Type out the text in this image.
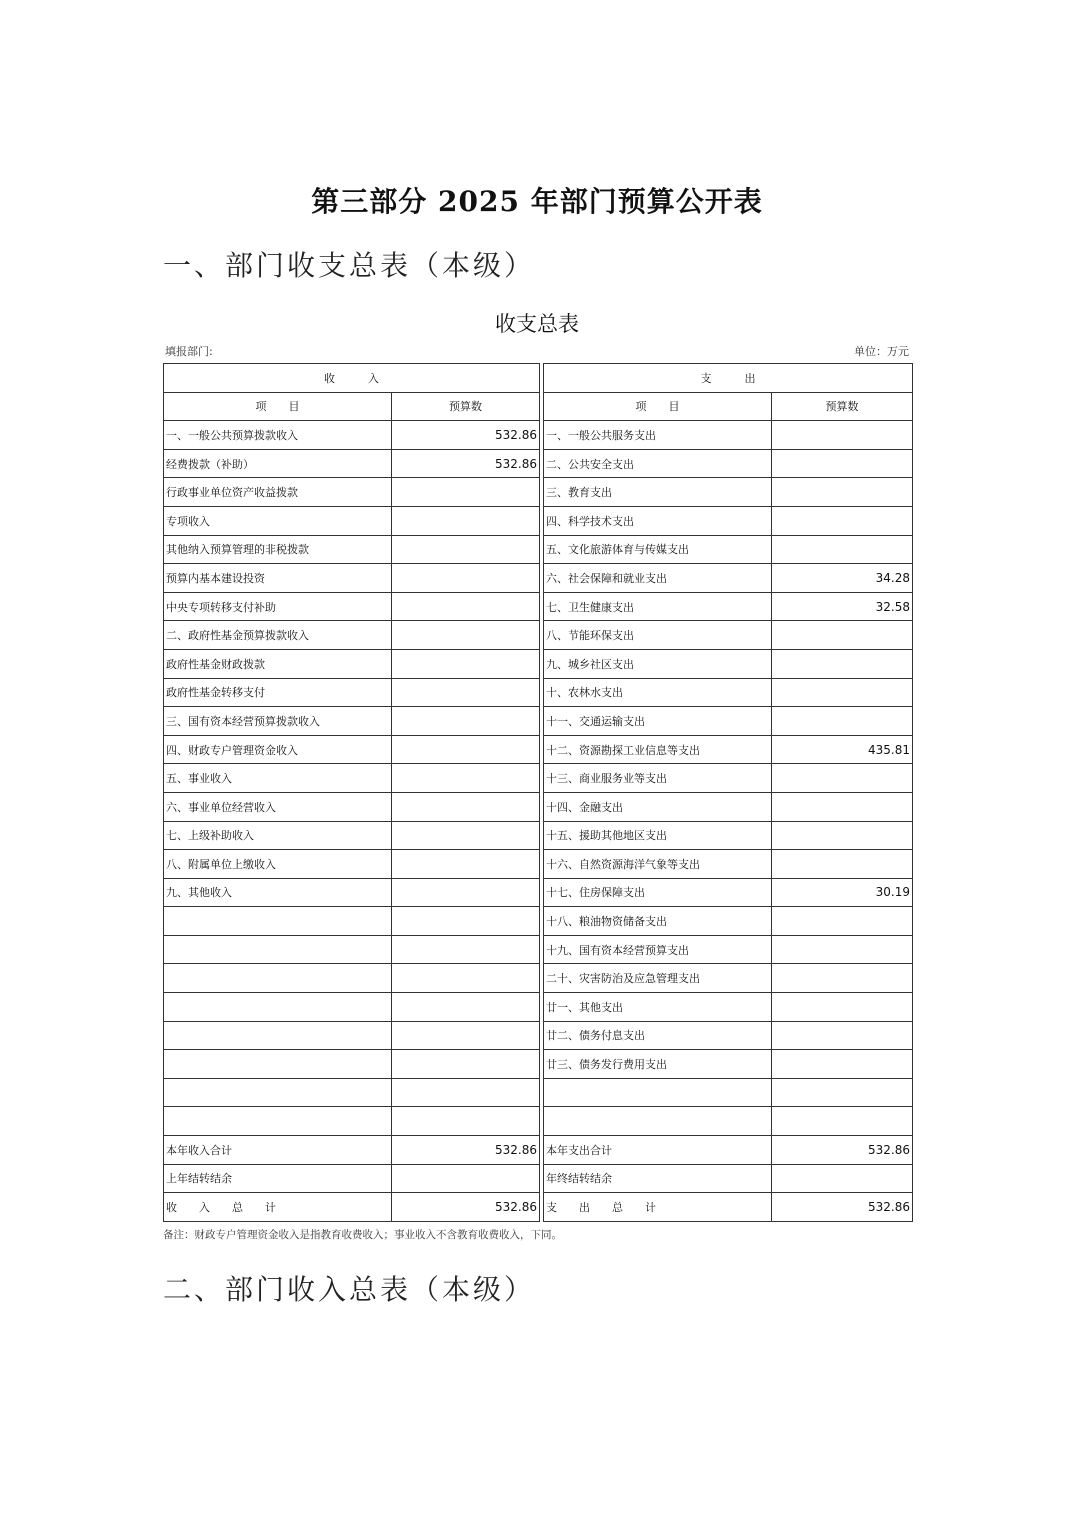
第三部分 2025 年部门预算公开表
一、部门收支总表（本级）
收支总表
填报部门:	单位：万元
收　　　入			支　　　出	
项　　目	预算数		项　　目	预算数
一、一般公共预算拨款收入	532.86		一、一般公共服务支出	
经费拨款（补助）	532.86		二、公共安全支出	
行政事业单位资产收益拨款			三、教育支出	
专项收入			四、科学技术支出	
其他纳入预算管理的非税拨款			五、文化旅游体育与传媒支出	
预算内基本建设投资			六、社会保障和就业支出	34.28
中央专项转移支付补助			七、卫生健康支出	32.58
二、政府性基金预算拨款收入			八、节能环保支出	
政府性基金财政拨款			九、城乡社区支出	
政府性基金转移支付			十、农林水支出	
三、国有资本经营预算拨款收入			十一、交通运输支出	
四、财政专户管理资金收入			十二、资源勘探工业信息等支出	435.81
五、事业收入			十三、商业服务业等支出	
六、事业单位经营收入			十四、金融支出	
七、上级补助收入			十五、援助其他地区支出	
八、附属单位上缴收入			十六、自然资源海洋气象等支出	
九、其他收入			十七、住房保障支出	30.19
			十八、粮油物资储备支出	
			十九、国有资本经营预算支出	
			二十、灾害防治及应急管理支出	
			廿一、其他支出	
			廿二、债务付息支出	
			廿三、债务发行费用支出	

本年收入合计	532.86		本年支出合计	532.86
上年结转结余			年终结转结余	
收　　入　　总　　计	532.86		支　　出　　总　　计	532.86
备注：财政专户管理资金收入是指教育收费收入；事业收入不含教育收费收入，下同。
二、部门收入总表（本级）
